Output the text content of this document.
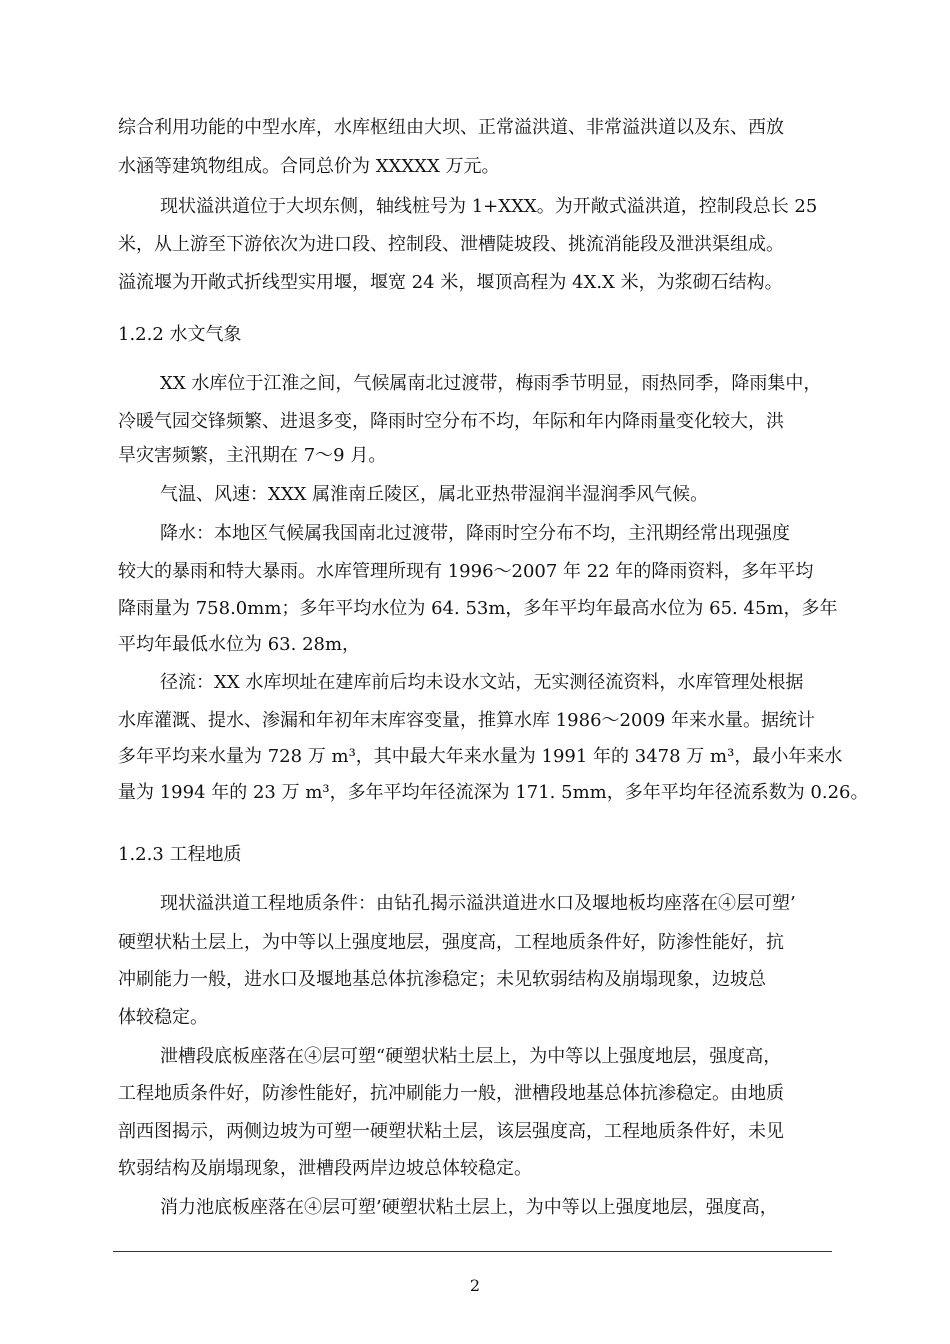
综合利用功能的中型水库，水库枢纽由大坝、正常溢洪道、非常溢洪道以及东、西放
水涵等建筑物组成。合同总价为 XXXXX 万元。
现状溢洪道位于大坝东侧，轴线桩号为 1+XXX。为开敞式溢洪道，控制段总长 25
米，从上游至下游依次为进口段、控制段、泄槽陡坡段、挑流消能段及泄洪渠组成。
溢流堰为开敞式折线型实用堰，堰宽 24 米，堰顶高程为 4X.X 米，为浆砌石结构。
1.2.2 水文气象
XX 水库位于江淮之间，气候属南北过渡带，梅雨季节明显，雨热同季，降雨集中，
冷暖气园交锋频繁、进退多变，降雨时空分布不均，年际和年内降雨量变化较大，洪
旱灾害频繁，主汛期在 7～9 月。
气温、风速：XXX 属淮南丘陵区，属北亚热带湿润半湿润季风气候。
降水：本地区气候属我国南北过渡带，降雨时空分布不均，主汛期经常出现强度
较大的暴雨和特大暴雨。水库管理所现有 1996～2007 年 22 年的降雨资料，多年平均
降雨量为 758.0mm；多年平均水位为 64. 53m，多年平均年最高水位为 65. 45m，多年
平均年最低水位为 63. 28m，
径流：XX 水库坝址在建库前后均未设水文站，无实测径流资料，水库管理处根据
水库灌溉、提水、渗漏和年初年末库容变量，推算水库 1986～2009 年来水量。据统计
多年平均来水量为 728 万 m³，其中最大年来水量为 1991 年的 3478 万 m³，最小年来水
量为 1994 年的 23 万 m³，多年平均年径流深为 171. 5mm，多年平均年径流系数为 0.26。
1.2.3 工程地质
现状溢洪道工程地质条件：由钻孔揭示溢洪道进水口及堰地板均座落在④层可塑’
硬塑状粘土层上，为中等以上强度地层，强度高，工程地质条件好，防渗性能好，抗
冲刷能力一般，进水口及堰地基总体抗渗稳定；未见软弱结构及崩塌现象，边坡总
体较稳定。
泄槽段底板座落在④层可塑“硬塑状粘土层上，为中等以上强度地层，强度高，
工程地质条件好，防渗性能好，抗冲刷能力一般，泄槽段地基总体抗渗稳定。由地质
剖西图揭示，两侧边坡为可塑一硬塑状粘土层，该层强度高，工程地质条件好，未见
软弱结构及崩塌现象，泄槽段两岸边坡总体较稳定。
消力池底板座落在④层可塑’硬塑状粘土层上，为中等以上强度地层，强度高，
2
